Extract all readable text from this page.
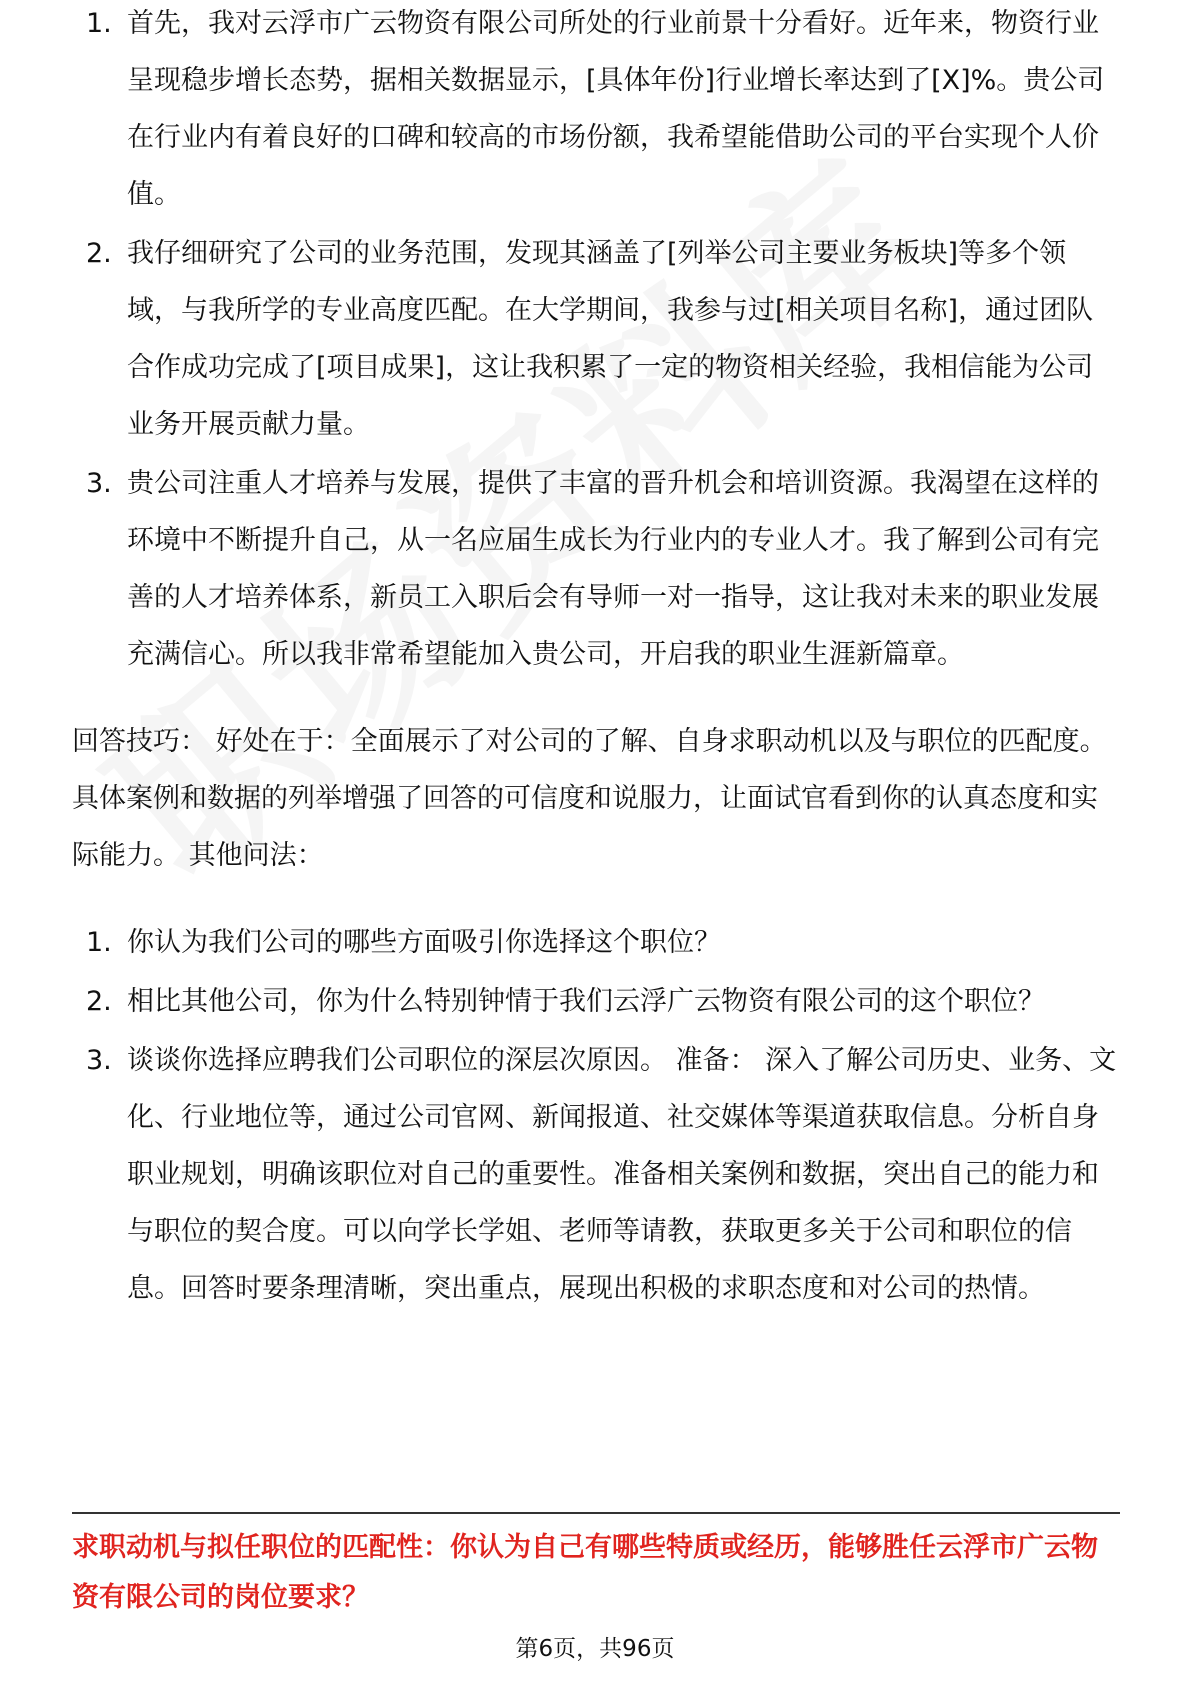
1. 首先，我对云浮市广云物资有限公司所处的行业前景十分看好。近年来，物资行业呈现稳步增长态势，据相关数据显示，[具体年份]行业增长率达到了[X]%。贵公司在行业内有着良好的口碑和较高的市场份额，我希望能借助公司的平台实现个人价值。
2. 我仔细研究了公司的业务范围，发现其涵盖了[列举公司主要业务板块]等多个领域，与我所学的专业高度匹配。在大学期间，我参与过[相关项目名称]，通过团队合作成功完成了[项目成果]，这让我积累了一定的物资相关经验，我相信能为公司业务开展贡献力量。
3. 贵公司注重人才培养与发展，提供了丰富的晋升机会和培训资源。我渴望在这样的环境中不断提升自己，从一名应届生成长为行业内的专业人才。我了解到公司有完善的人才培养体系，新员工入职后会有导师一对一指导，这让我对未来的职业发展充满信心。所以我非常希望能加入贵公司，开启我的职业生涯新篇章。
回答技巧： 好处在于：全面展示了对公司的了解、自身求职动机以及与职位的匹配度。具体案例和数据的列举增强了回答的可信度和说服力，让面试官看到你的认真态度和实际能力。 其他问法：
1. 你认为我们公司的哪些方面吸引你选择这个职位？
2. 相比其他公司，你为什么特别钟情于我们云浮广云物资有限公司的这个职位？
3. 谈谈你选择应聘我们公司职位的深层次原因。 准备： 深入了解公司历史、业务、文化、行业地位等，通过公司官网、新闻报道、社交媒体等渠道获取信息。分析自身职业规划，明确该职位对自己的重要性。准备相关案例和数据，突出自己的能力和与职位的契合度。可以向学长学姐、老师等请教，获取更多关于公司和职位的信息。回答时要条理清晰，突出重点，展现出积极的求职态度和对公司的热情。
求职动机与拟任职位的匹配性：你认为自己有哪些特质或经历，能够胜任云浮市广云物资有限公司的岗位要求？
第6页，共96页
